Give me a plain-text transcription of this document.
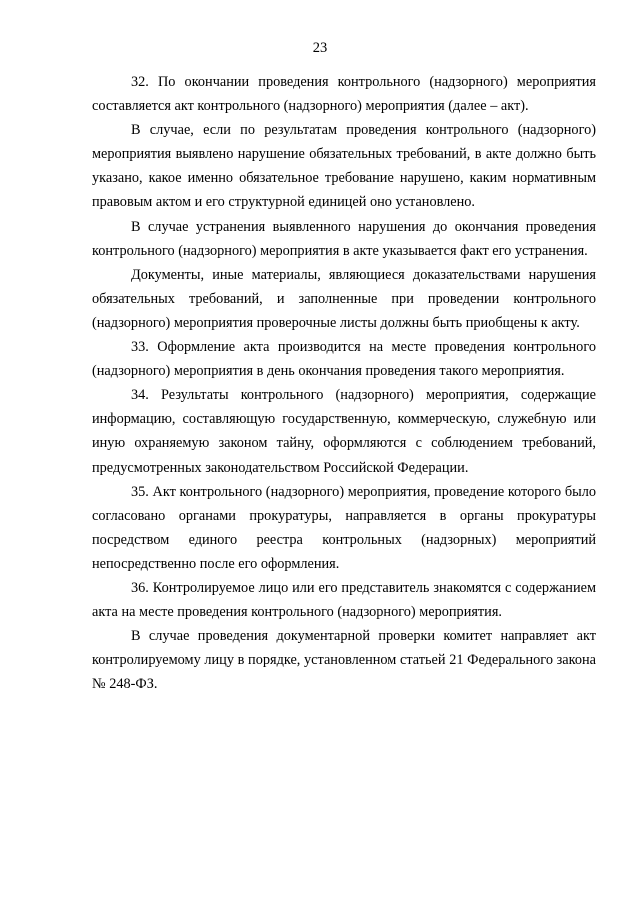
23

32. По окончании проведения контрольного (надзорного) мероприятия составляется акт контрольного (надзорного) мероприятия (далее – акт).

В случае, если по результатам проведения контрольного (надзорного) мероприятия выявлено нарушение обязательных требований, в акте должно быть указано, какое именно обязательное требование нарушено, каким нормативным правовым актом и его структурной единицей оно установлено.

В случае устранения выявленного нарушения до окончания проведения контрольного (надзорного) мероприятия в акте указывается факт его устранения.

Документы, иные материалы, являющиеся доказательствами нарушения обязательных требований, и заполненные при проведении контрольного (надзорного) мероприятия проверочные листы должны быть приобщены к акту.

33. Оформление акта производится на месте проведения контрольного (надзорного) мероприятия в день окончания проведения такого мероприятия.

34. Результаты контрольного (надзорного) мероприятия, содержащие информацию, составляющую государственную, коммерческую, служебную или иную охраняемую законом тайну, оформляются с соблюдением требований, предусмотренных законодательством Российской Федерации.

35. Акт контрольного (надзорного) мероприятия, проведение которого было согласовано органами прокуратуры, направляется в органы прокуратуры посредством единого реестра контрольных (надзорных) мероприятий непосредственно после его оформления.

36. Контролируемое лицо или его представитель знакомятся с содержанием акта на месте проведения контрольного (надзорного) мероприятия.

В случае проведения документарной проверки комитет направляет акт контролируемому лицу в порядке, установленном статьей 21 Федерального закона № 248-ФЗ.
